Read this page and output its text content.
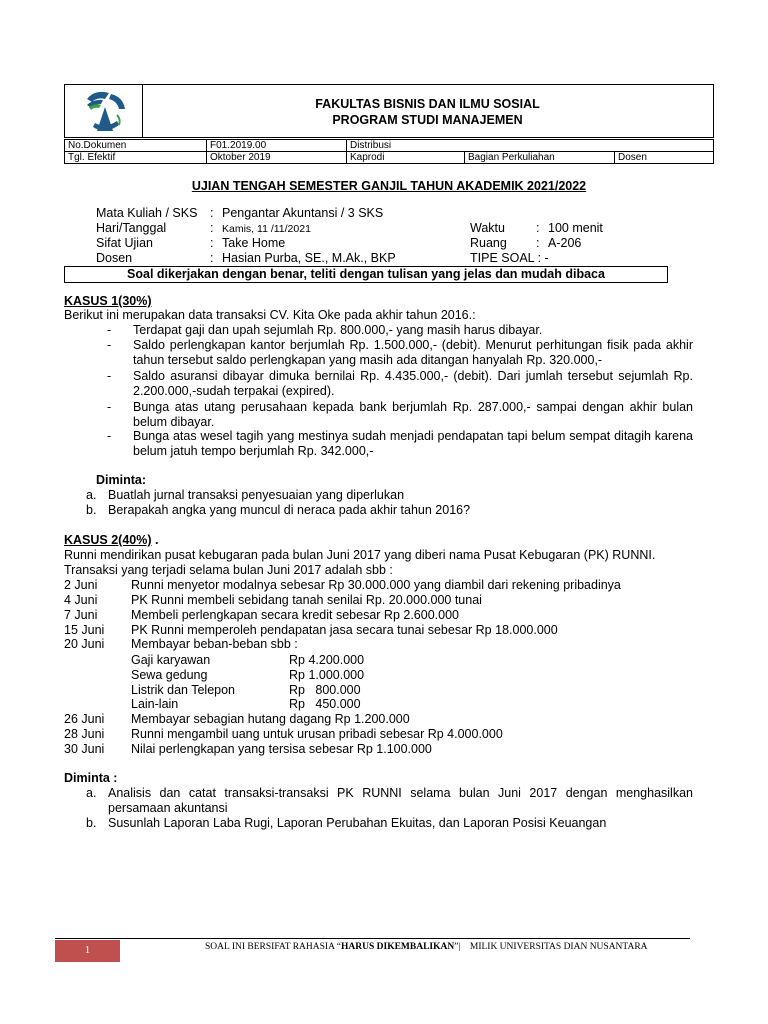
FAKULTAS BISNIS DAN ILMU SOSIAL
PROGRAM STUDI MANAJEMEN
No.Dokumen	F01.2019.00	Distribusi		
Tgl. Efektif	Oktober 2019	Kaprodi	Bagian Perkuliahan	Dosen
UJIAN TENGAH SEMESTER GANJIL TAHUN AKADEMIK 2021/2022
Mata Kuliah / SKS : Pengantar Akuntansi / 3 SKS
Hari/Tanggal	: Kamis, 11 /11/2021
Sifat Ujian	: Take Home
Dosen	: Hasian Purba, SE., M.Ak., BKP
Waktu : 100 menit
Ruang : A-206
TIPE SOAL : -
Soal dikerjakan dengan benar, teliti dengan tulisan yang jelas dan mudah dibaca
KASUS 1(30%)
Berikut ini merupakan data transaksi CV. Kita Oke pada akhir tahun 2016.:
- Terdapat gaji dan upah sejumlah Rp. 800.000,- yang masih harus dibayar.
- Saldo perlengkapan kantor berjumlah Rp. 1.500.000,- (debit). Menurut perhitungan fisik pada akhir tahun tersebut saldo perlengkapan yang masih ada ditangan hanyalah Rp. 320.000,-
- Saldo asuransi dibayar dimuka bernilai Rp. 4.435.000,- (debit). Dari jumlah tersebut sejumlah Rp. 2.200.000,-sudah terpakai (expired).
- Bunga atas utang perusahaan kepada bank berjumlah Rp. 287.000,- sampai dengan akhir bulan belum dibayar.
- Bunga atas wesel tagih yang mestinya sudah menjadi pendapatan tapi belum sempat ditagih karena belum jatuh tempo berjumlah Rp. 342.000,-
Diminta:
a. Buatlah jurnal transaksi penyesuaian yang diperlukan
b. Berapakah angka yang muncul di neraca pada akhir tahun 2016?
KASUS 2(40%) .
Runni mendirikan pusat kebugaran pada bulan Juni 2017 yang diberi nama Pusat Kebugaran (PK) RUNNI.
Transaksi yang terjadi selama bulan Juni 2017 adalah sbb :
2 Juni	Runni menyetor modalnya sebesar Rp 30.000.000 yang diambil dari rekening pribadinya
4 Juni	PK Runni membeli sebidang tanah senilai Rp. 20.000.000 tunai
7 Juni	Membeli perlengkapan secara kredit sebesar Rp 2.600.000
15 Juni PK Runni memperoleh pendapatan jasa secara tunai sebesar Rp 18.000.000
20 Juni Membayar beban-beban sbb :
Gaji karyawan	Rp 4.200.000
Sewa gedung	Rp 1.000.000
Listrik dan Telepon	Rp   800.000
Lain-lain	Rp   450.000
26 Juni Membayar sebagian hutang dagang Rp 1.200.000
28 Juni Runni mengambil uang untuk urusan pribadi sebesar Rp 4.000.000
30 Juni Nilai perlengkapan yang tersisa sebesar Rp 1.100.000
Diminta :
a. Analisis dan catat transaksi-transaksi PK RUNNI selama bulan Juni 2017 dengan menghasilkan persamaan akuntansi
b. Susunlah Laporan Laba Rugi, Laporan Perubahan Ekuitas, dan Laporan Posisi Keuangan
1	SOAL INI BERSIFAT RAHASIA “HARUS DIKEMBALIKAN”|    MILIK UNIVERSITAS DIAN NUSANTARA
